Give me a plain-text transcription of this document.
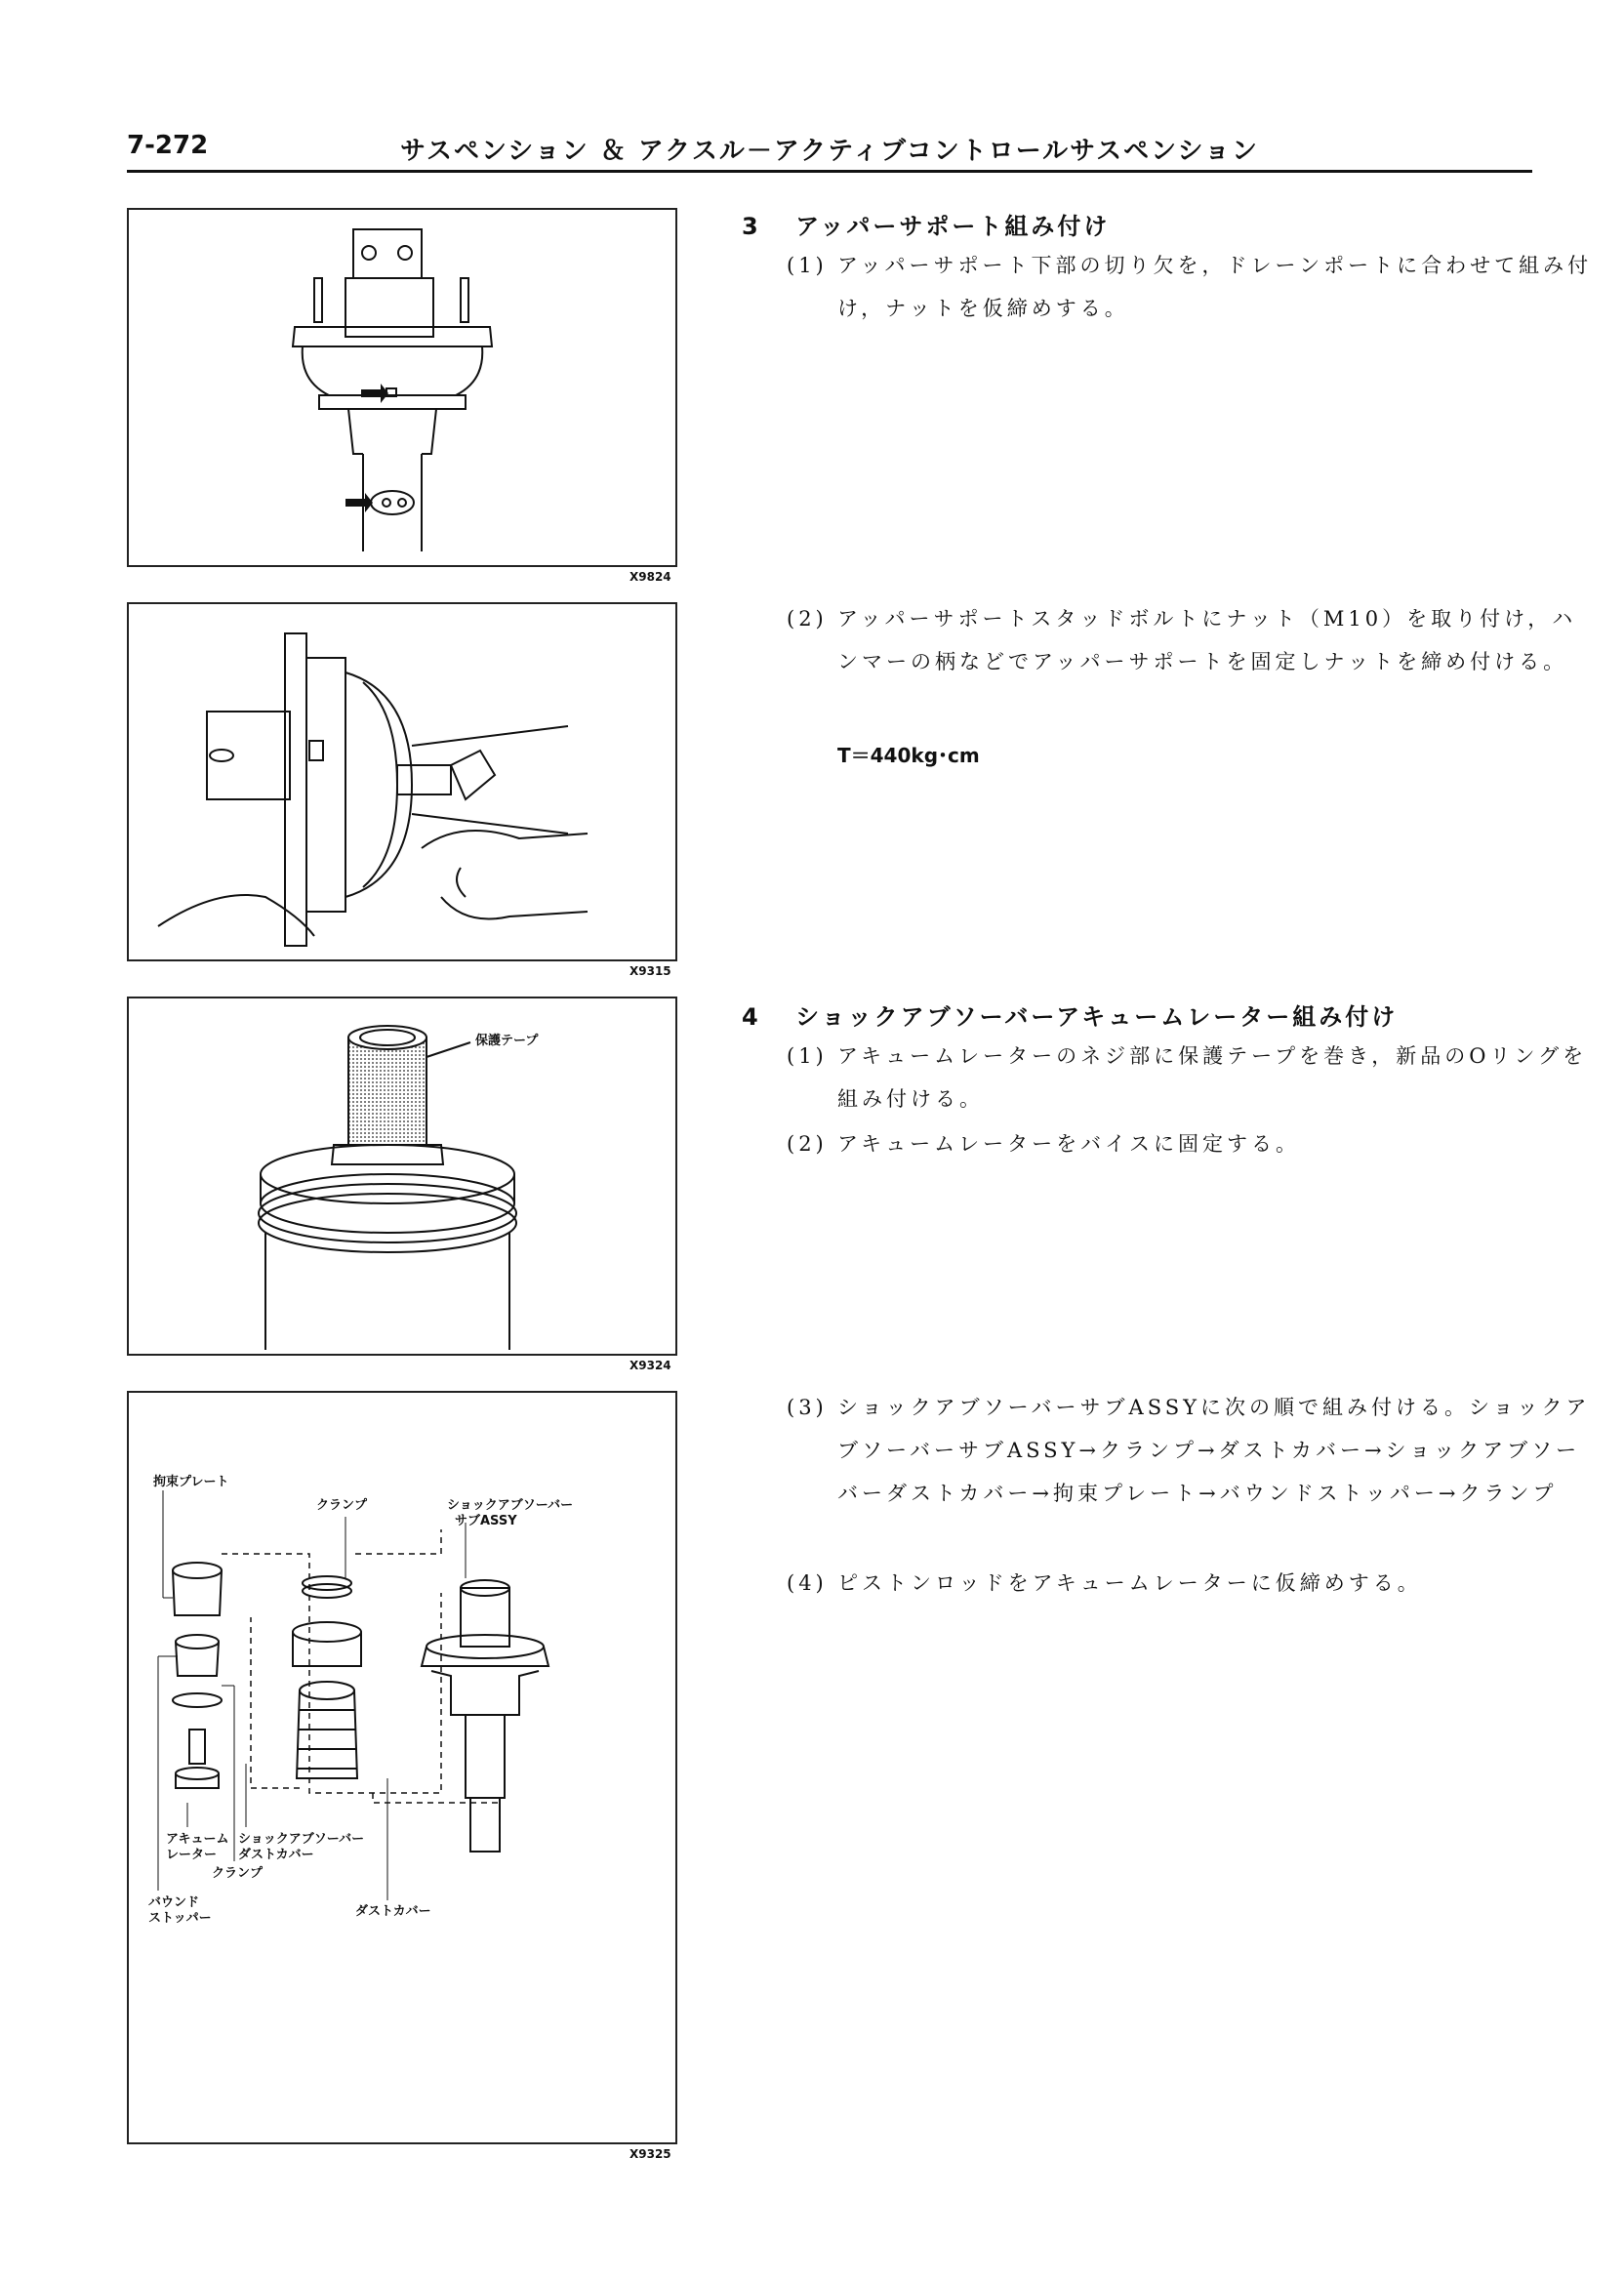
7-272	サスペンション ＆ アクスル－アクティブコントロールサスペンション
X9824
X9315
保護テープ
X9324
拘束プレート
クランプ	ショックアブソーバー
サブASSY
アキューム
レーター
ショックアブソーバー
ダストカバー
クランプ
バウンド
ストッパー	ダストカバー
X9325
3 アッパーサポート組み付け
(1) アッパーサポート下部の切り欠を，ドレーンポートに合わせて組み付け，ナットを仮締めする。
(2) アッパーサポートスタッドボルトにナット（M10）を取り付け，ハンマーの柄などでアッパーサポートを固定しナットを締め付ける。
T＝440kg･cm
4 ショックアブソーバーアキュームレーター組み付け
(1) アキュームレーターのネジ部に保護テープを巻き，新品のOリングを組み付ける。
(2) アキュームレーターをバイスに固定する。
(3) ショックアブソーバーサブASSYに次の順で組み付ける。ショックアブソーバーサブASSY→クランプ→ダストカバー→ショックアブソーバーダストカバー→拘束プレート→バウンドストッパー→クランプ
(4) ピストンロッドをアキュームレーターに仮締めする。
